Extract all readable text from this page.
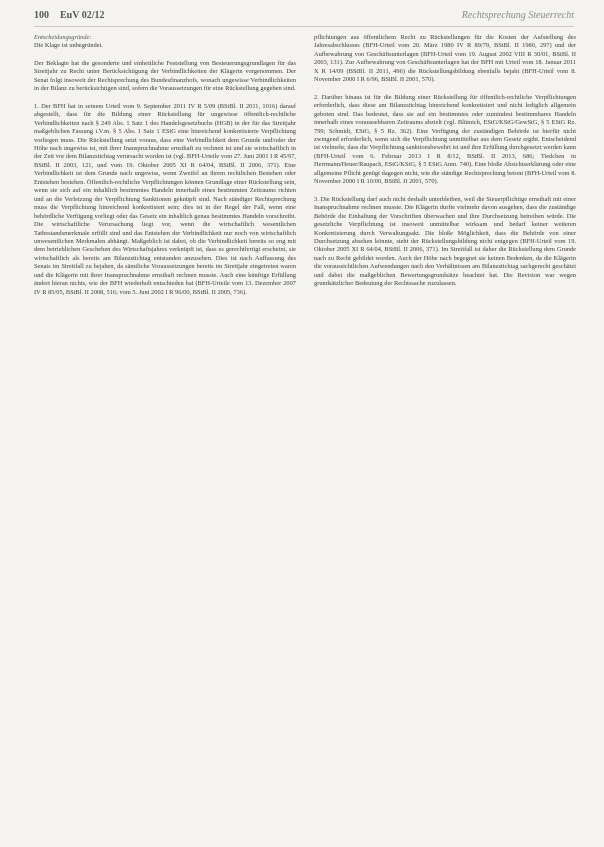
100 EuV 02/12	Rechtsprechung Steuerrecht

Entscheidungsgründe:

Die Klage ist unbegründet.

Der Beklagte hat die gesonderte und einheitliche Feststellung von Besteuerungsgrundlagen für das Streitjahr zu Recht unter Berücksichtigung der Verbindlichkeiten der Klägerin vorgenommen. Der Senat folgt insoweit der Rechtsprechung des Bundesfinanzhofs, wonach ungewisse Verbindlichkeiten in der Bilanz zu berücksichtigen sind, sofern die Voraussetzungen für eine Rückstellung gegeben sind.

1. Der BFH hat in seinem Urteil vom 9. September 2011 IV R 5/09 (BStBl. II 2011, 1016) darauf abgestellt, dass für die Bildung einer Rückstellung für ungewisse öffentlich-rechtliche Verbindlichkeiten nach § 249 Abs. 1 Satz 1 des Handelsgesetzbuchs (HGB) in der für das Streitjahr maßgeblichen Fassung i.V.m. § 5 Abs. 1 Satz 1 EStG eine hinreichend konkretisierte Verpflichtung vorliegen muss. Die Rückstellung setzt voraus, dass eine Verbindlichkeit dem Grunde und/oder der Höhe nach ungewiss ist, mit ihrer Inanspruchnahme ernsthaft zu rechnen ist und sie wirtschaftlich in der Zeit vor dem Bilanzstichtag verursacht worden ist (vgl. BFH-Urteile vom 27. Juni 2001 I R 45/97, BStBl. II 2003, 121, und vom 19. Oktober 2005 XI R 64/04, BStBl. II 2006, 371). Eine Verbindlichkeit ist dem Grunde nach ungewiss, wenn Zweifel an ihrem rechtlichen Bestehen oder Entstehen bestehen. Öffentlich-rechtliche Verpflichtungen können Grundlage einer Rückstellung sein, wenn sie sich auf ein inhaltlich bestimmtes Handeln innerhalb eines bestimmten Zeitraums richten und an die Verletzung der Verpflichtung Sanktionen geknüpft sind. Nach ständiger Rechtsprechung muss die Verpflichtung hinreichend konkretisiert sein; dies ist in der Regel der Fall, wenn eine behördliche Verfügung vorliegt oder das Gesetz ein inhaltlich genau bestimmtes Handeln vorschreibt. Die wirtschaftliche Verursachung liegt vor, wenn die wirtschaftlich wesentlichen Tatbestandsmerkmale erfüllt sind und das Entstehen der Verbindlichkeit nur noch von wirtschaftlich unwesentlichen Merkmalen abhängt. Maßgeblich ist dabei, ob die Verbindlichkeit bereits so eng mit dem betrieblichen Geschehen des Wirtschaftsjahres verknüpft ist, dass es gerechtfertigt erscheint, sie wirtschaftlich als bereits am Bilanzstichtag entstanden anzusehen. Dies ist nach Auffassung des Senats im Streitfall zu bejahen, da sämtliche Voraussetzungen bereits im Streitjahr eingetreten waren und die Klägerin mit ihrer Inanspruchnahme ernsthaft rechnen musste. Auch eine künftige Erfüllung ändert hieran nichts, wie der BFH wiederholt entschieden hat (BFH-Urteile vom 13. Dezember 2007 IV R 85/05, BStBl. II 2008, 516; vom 5. Juni 2002 I R 96/00, BStBl. II 2005, 736).

pflichtungen aus öffentlichem Recht zu Rückstellungen für die Kosten der Aufstellung des Jahresabschlusses (BFH-Urteil vom 20. März 1980 IV R 89/79, BStBl. II 1980, 297) und der Aufbewahrung von Geschäftsunterlagen (BFH-Urteil vom 19. August 2002 VIII R 30/01, BStBl. II 2003, 131). Zur Aufbewahrung von Geschäftsunterlagen hat der BFH mit Urteil vom 18. Januar 2011 X R 14/09 (BStBl. II 2011, 496) die Rückstellungsbildung ebenfalls bejaht (BFH-Urteil vom 8. November 2000 I R 6/96, BStBl. II 2001, 570).

2. Darüber hinaus ist für die Bildung einer Rückstellung für öffentlich-rechtliche Verpflichtungen erforderlich, dass diese am Bilanzstichtag hinreichend konkretisiert und nicht lediglich allgemein geboten sind. Das bedeutet, dass sie auf ein bestimmtes oder zumindest bestimmbares Handeln innerhalb eines voraussehbaren Zeitraums abzielt (vgl. Blümich, EStG/KStG/GewStG, § 5 EStG Rz. 799; Schmidt, EStG, § 5 Rz. 362). Eine Verfügung der zuständigen Behörde ist hierfür nicht zwingend erforderlich, wenn sich die Verpflichtung unmittelbar aus dem Gesetz ergibt. Entscheidend ist vielmehr, dass die Verpflichtung sanktionsbewehrt ist und ihre Erfüllung durchgesetzt werden kann (BFH-Urteil vom 6. Februar 2013 I R 8/12, BStBl. II 2013, 686; Tiedchen in Herrmann/Heuer/Raupach, EStG/KStG, § 5 EStG Anm. 740). Eine bloße Absichtserklärung oder eine allgemeine Pflicht genügt dagegen nicht, wie die ständige Rechtsprechung betont (BFH-Urteil vom 8. November 2000 I R 10/00, BStBl. II 2001, 570).

3. Die Rückstellung darf auch nicht deshalb unterbleiben, weil die Steuerpflichtige ernsthaft mit einer Inanspruchnahme rechnen musste. Die Klägerin durfte vielmehr davon ausgehen, dass die zuständige Behörde die Einhaltung der Vorschriften überwachen und ihre Durchsetzung betreiben würde. Die gesetzliche Verpflichtung ist insoweit unmittelbar wirksam und bedarf keiner weiteren Konkretisierung durch Verwaltungsakt. Die bloße Möglichkeit, dass die Behörde von einer Durchsetzung absehen könnte, steht der Rückstellungsbildung nicht entgegen (BFH-Urteil vom 19. Oktober 2005 XI R 64/04, BStBl. II 2006, 371). Im Streitfall ist daher die Rückstellung dem Grunde nach zu Recht gebildet worden. Auch der Höhe nach begegnet sie keinen Bedenken, da die Klägerin die voraussichtlichen Aufwendungen nach den Verhältnissen am Bilanzstichtag sachgerecht geschätzt und dabei die maßgeblichen Bewertungsgrundsätze beachtet hat. Die Revision war wegen grundsätzlicher Bedeutung der Rechtssache zuzulassen.
